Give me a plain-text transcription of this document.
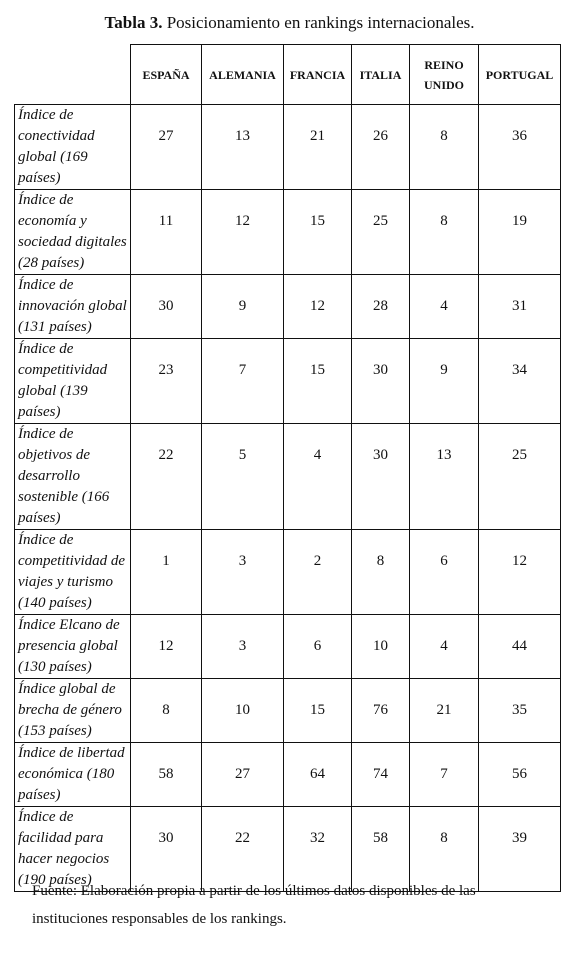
Tabla 3. Posicionamiento en rankings internacionales.
	ESPAÑA	ALEMANIA	FRANCIA	ITALIA	REINO UNIDO	PORTUGAL
Índice de conectividad global (169 países)	27	13	21	26	8	36
Índice de economía y sociedad digitales (28 países)	11	12	15	25	8	19
Índice de innovación global (131 países)	30	9	12	28	4	31
Índice de competitividad global (139 países)	23	7	15	30	9	34
Índice de objetivos de desarrollo sostenible (166 países)	22	5	4	30	13	25
Índice de competitividad de viajes y turismo (140 países)	1	3	2	8	6	12
Índice Elcano de presencia global (130 países)	12	3	6	10	4	44
Índice global de brecha de género (153 países)	8	10	15	76	21	35
Índice de libertad económica (180 países)	58	27	64	74	7	56
Índice de facilidad para hacer negocios (190 países)	30	22	32	58	8	39
Fuente: Elaboración propia a partir de los últimos datos disponibles de las instituciones responsables de los rankings.
